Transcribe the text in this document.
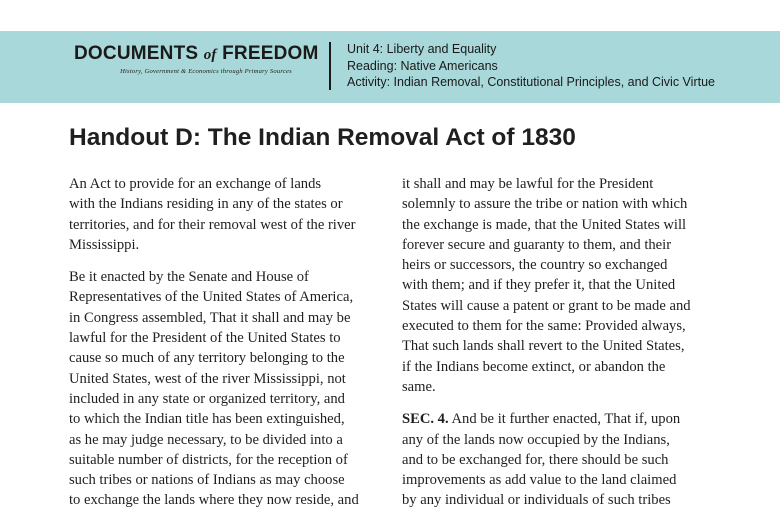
DOCUMENTS of FREEDOM
History, Government & Economics through Primary Sources
Unit 4: Liberty and Equality
Reading: Native Americans
Activity: Indian Removal, Constitutional Principles, and Civic Virtue
Handout D: The Indian Removal Act of 1830

An Act to provide for an exchange of lands
with the Indians residing in any of the states or
territories, and for their removal west of the river
Mississippi.

Be it enacted by the Senate and House of
Representatives of the United States of America,
in Congress assembled, That it shall and may be
lawful for the President of the United States to
cause so much of any territory belonging to the
United States, west of the river Mississippi, not
included in any state or organized territory, and
to which the Indian title has been extinguished,
as he may judge necessary, to be divided into a
suitable number of districts, for the reception of
such tribes or nations of Indians as may choose
to exchange the lands where they now reside, and

it shall and may be lawful for the President
solemnly to assure the tribe or nation with which
the exchange is made, that the United States will
forever secure and guaranty to them, and their
heirs or successors, the country so exchanged
with them; and if they prefer it, that the United
States will cause a patent or grant to be made and
executed to them for the same: Provided always,
That such lands shall revert to the United States,
if the Indians become extinct, or abandon the
same.

SEC. 4. And be it further enacted, That if, upon
any of the lands now occupied by the Indians,
and to be exchanged for, there should be such
improvements as add value to the land claimed
by any individual or individuals of such tribes
